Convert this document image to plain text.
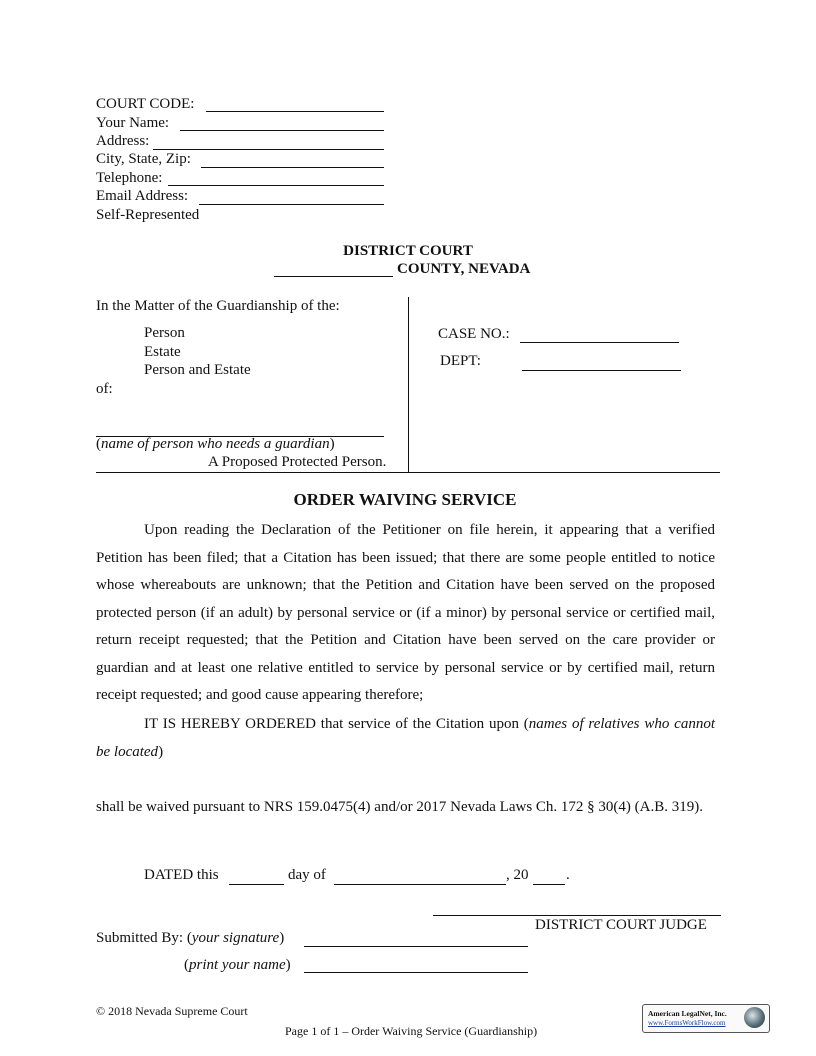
COURT CODE:
Your Name:
Address:
City, State, Zip:
Telephone:
Email Address:
Self-Represented
DISTRICT COURT
COUNTY, NEVADA
In the Matter of the Guardianship of the:
Person
Estate
Person and Estate
of:
(name of person who needs a guardian)
A Proposed Protected Person.
CASE NO.:
DEPT:
ORDER WAIVING SERVICE
Upon reading the Declaration of the Petitioner on file herein, it appearing that a verified Petition has been filed; that a Citation has been issued; that there are some people entitled to notice whose whereabouts are unknown; that the Petition and Citation have been served on the proposed protected person (if an adult) by personal service or (if a minor) by personal service or certified mail, return receipt requested; that the Petition and Citation have been served on the care provider or guardian and at least one relative entitled to service by personal service or by certified mail, return receipt requested; and good cause appearing therefore;
IT IS HEREBY ORDERED that service of the Citation upon (names of relatives who cannot be located)
shall be waived pursuant to NRS 159.0475(4) and/or 2017 Nevada Laws Ch. 172 § 30(4) (A.B. 319).
DATED this	day of	, 20	.
DISTRICT COURT JUDGE
Submitted By: (your signature)
(print your name)
© 2018 Nevada Supreme Court
Page 1 of 1 – Order Waiving Service (Guardianship)
American LegalNet, Inc.
www.FormsWorkFlow.com
